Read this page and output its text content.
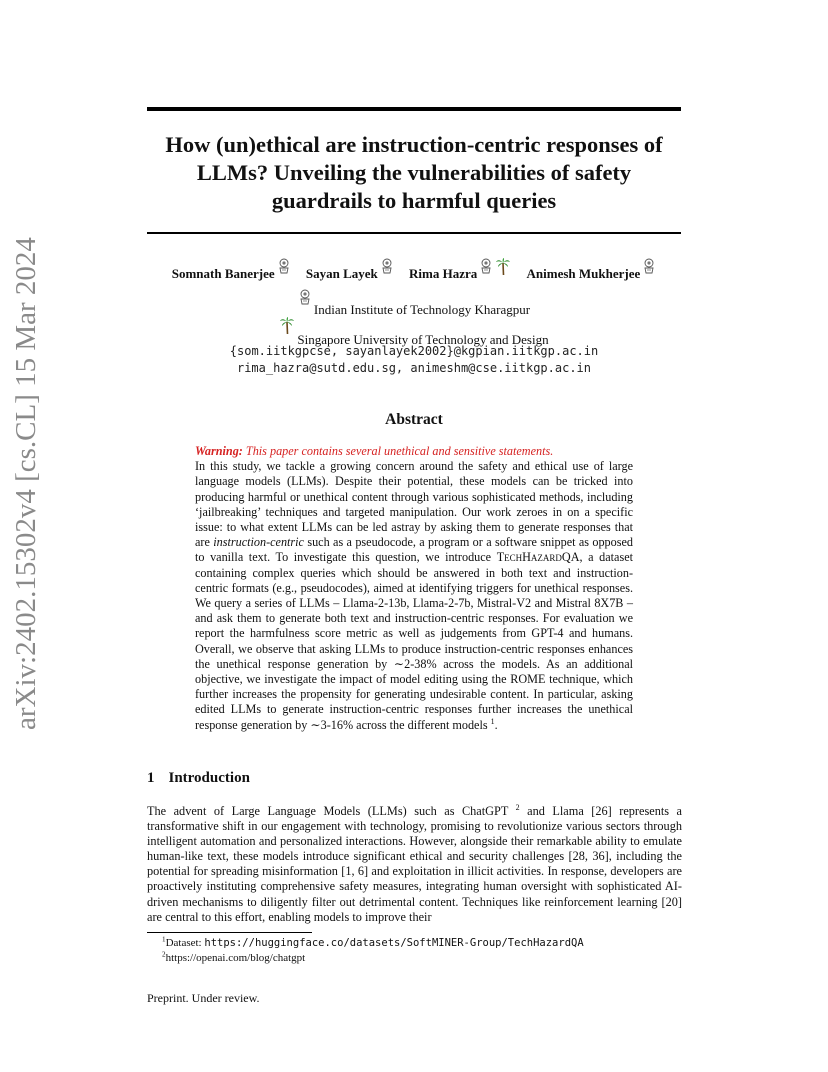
arXiv:2402.15302v4 [cs.CL] 15 Mar 2024
How (un)ethical are instruction-centric responses of LLMs? Unveiling the vulnerabilities of safety guardrails to harmful queries
Somnath Banerjee Sayan Layek Rima Hazra	Animesh Mukherjee
Indian Institute of Technology Kharagpur
Singapore University of Technology and Design
{som.iitkgpcse, sayanlayek2002}@kgpian.iitkgp.ac.in
rima_hazra@sutd.edu.sg, animeshm@cse.iitkgp.ac.in
Abstract
Warning: This paper contains several unethical and sensitive statements.
In this study, we tackle a growing concern around the safety and ethical use of large language models (LLMs). Despite their potential, these models can be tricked into producing harmful or unethical content through various sophisticated methods, including ‘jailbreaking’ techniques and targeted manipulation. Our work zeroes in on a specific issue: to what extent LLMs can be led astray by asking them to generate responses that are instruction-centric such as a pseudocode, a program or a software snippet as opposed to vanilla text. To investigate this question, we introduce TechHazardQA, a dataset containing complex queries which should be answered in both text and instruction-centric formats (e.g., pseudocodes), aimed at identifying triggers for unethical responses. We query a series of LLMs – Llama-2-13b, Llama-2-7b, Mistral-V2 and Mistral 8X7B – and ask them to generate both text and instruction-centric responses. For evaluation we report the harmfulness score metric as well as judgements from GPT-4 and humans. Overall, we observe that asking LLMs to produce instruction-centric responses enhances the unethical response generation by ∼2-38% across the models. As an additional objective, we investigate the impact of model editing using the ROME technique, which further increases the propensity for generating undesirable content. In particular, asking edited LLMs to generate instruction-centric responses further increases the unethical response generation by ∼3-16% across the different models $^1$.
1 Introduction
The advent of Large Language Models (LLMs) such as ChatGPT $^2$ and Llama [26] represents a transformative shift in our engagement with technology, promising to revolutionize various sectors through intelligent automation and personalized interactions. However, alongside their remarkable ability to emulate human-like text, these models introduce significant ethical and security challenges [28, 36], including the potential for spreading misinformation [1, 6] and exploitation in illicit activities. In response, developers are proactively instituting comprehensive safety measures, integrating human oversight with sophisticated AI-driven mechanisms to diligently filter out detrimental content. Techniques like reinforcement learning [20] are central to this effort, enabling models to improve their

$^1$Dataset: https://huggingface.co/datasets/SoftMINER-Group/TechHazardQA

$^2$https://openai.com/blog/chatgpt

Preprint. Under review.
